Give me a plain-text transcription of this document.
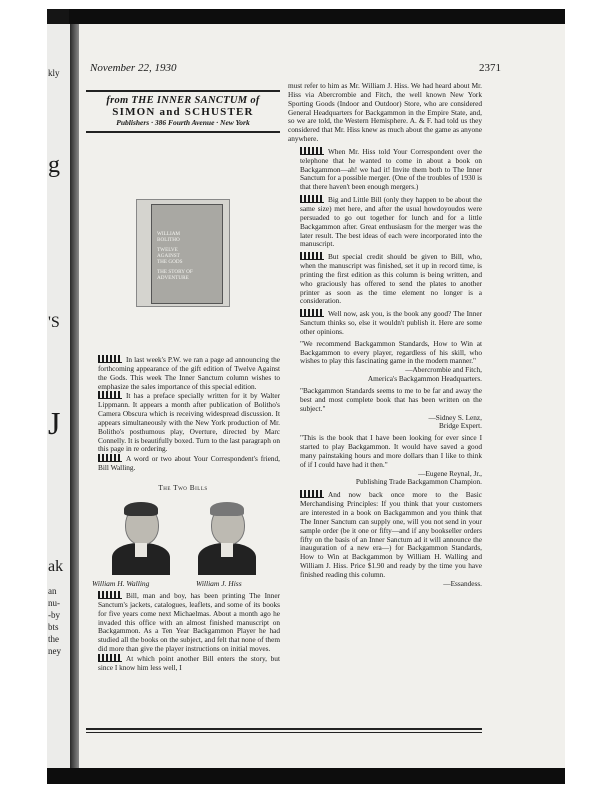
kly
g
'S
J
ak
an
nu-
-by
bts
the
ney
November 22, 1930	2371
from THE INNER SANCTUM of
SIMON and SCHUSTER
Publishers · 386 Fourth Avenue · New York
WILLIAM
BOLITHO
TWELVE
AGAINST
THE GODS
THE STORY OF
ADVENTURE

In last week's P.W. we ran a page ad announcing the forthcoming appearance of the gift edition of Twelve Against the Gods. This week The Inner Sanctum column wishes to emphasize the sales importance of this special edition.

It has a preface specially written for it by Walter Lippmann. It appears a month after publication of Bolitho's Camera Obscura which is receiving widespread discussion. It appears simultaneously with the New York production of Mr. Bolitho's posthumous play, Overture, directed by Marc Connelly. It is beautifully boxed. Turn to the last paragraph on this page in re ordering.

A word or two about Your Correspondent's friend, Bill Walling.

The Two Bills
William H. Walling	William J. Hiss

Bill, man and boy, has been printing The Inner Sanctum's jackets, catalogues, leaflets, and some of its books for five years come next Michaelmas. About a month ago he invaded this office with an almost finished manuscript on Backgammon. As a Ten Year Backgammon Player he had studied all the books on the subject, and felt that none of them did more than give the player instructions on initial moves.

At which point another Bill enters the story, but since I know him less well, I

must refer to him as Mr. William J. Hiss. We had heard about Mr. Hiss via Abercrombie and Fitch, the well known New York Sporting Goods (Indoor and Outdoor) Store, who are considered General Headquarters for Backgammon in the Empire State, and, so we are told, the Western Hemisphere. A. & F. had told us they considered that Mr. Hiss knew as much about the game as anyone anywhere.

When Mr. Hiss told Your Correspondent over the telephone that he wanted to come in about a book on Backgammon—ah! we had it! Invite them both to The Inner Sanctum for a possible merger. (One of the troubles of 1930 is that there haven't been enough mergers.)

Big and Little Bill (only they happen to be about the same size) met here, and after the usual howdoyoudos were persuaded to go out together for lunch and for a little Backgammon after. Great enthusiasm for the merger was the later result. The best ideas of each were incorporated into the manuscript.

But special credit should be given to Bill, who, when the manuscript was finished, set it up in record time, is printing the first edition as this column is being written, and who graciously has offered to send the plates to another printer as soon as the time element no longer is a consideration.

Well now, ask you, is the book any good? The Inner Sanctum thinks so, else it wouldn't publish it. Here are some other opinions.

"We recommend Backgammon Standards, How to Win at Backgammon to every player, regardless of his skill, who wishes to play this fascinating game in the modern manner."

—Abercrombie and Fitch,

America's Backgammon Headquarters.

"Backgammon Standards seems to me to be far and away the best and most complete book that has been written on the subject."

—Sidney S. Lenz,

Bridge Expert.

"This is the book that I have been looking for ever since I started to play Backgammon. It would have saved a good many painstaking hours and more dollars than I like to think of if I could have had it then."

—Eugene Reynal, Jr.,

Publishing Trade Backgammon Champion.

And now back once more to the Basic Merchandising Principles: If you think that your customers are interested in a book on Backgammon and you think that The Inner Sanctum can supply one, will you not send in your sample order (be it one or fifty—and if any bookseller orders fifty on the basis of an Inner Sanctum ad it will announce the inauguration of a new era—) for Backgammon Standards, How to Win at Backgammon by William H. Walling and William J. Hiss. Price $1.90 and ready by the time you have finished reading this column.

—Essandess.
